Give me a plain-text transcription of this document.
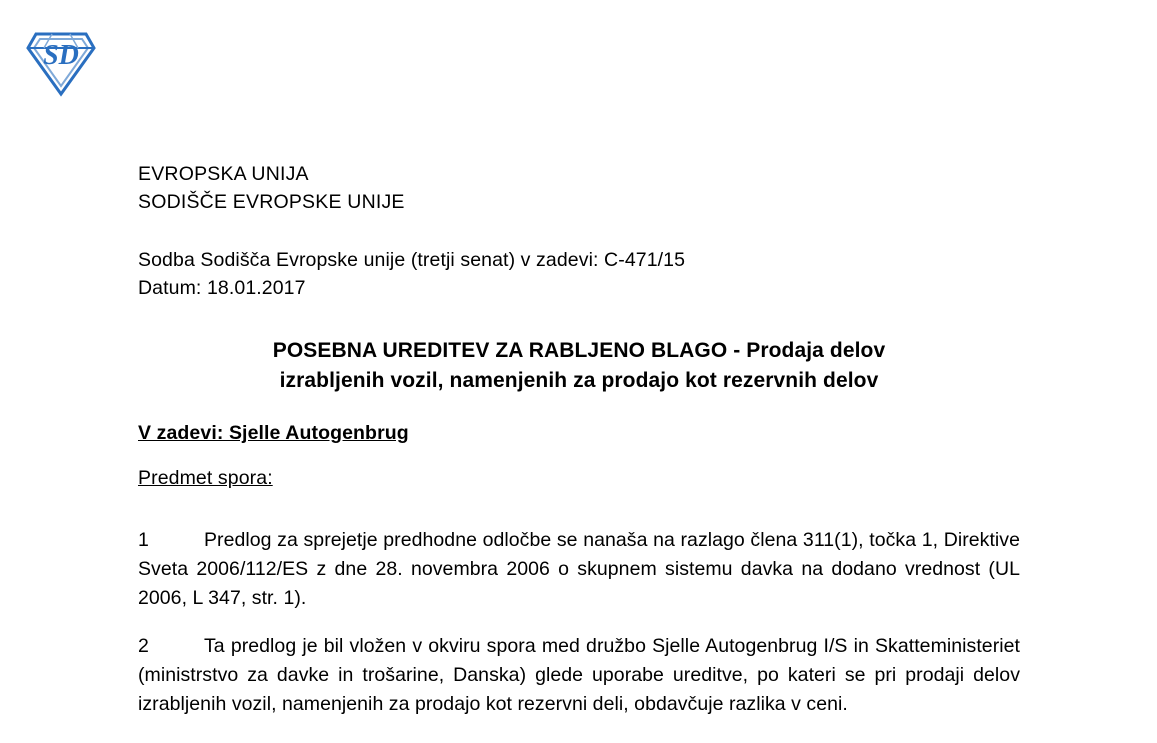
SD
EVROPSKA UNIJA
SODIŠČE EVROPSKE UNIJE
Sodba Sodišča Evropske unije (tretji senat) v zadevi: C-471/15
Datum: 18.01.2017
POSEBNA UREDITEV ZA RABLJENO BLAGO - Prodaja delov
izrabljenih vozil, namenjenih za prodajo kot rezervnih delov
V zadevi: Sjelle Autogenbrug
Predmet spora:

1	Predlog za sprejetje predhodne odločbe se nanaša na razlago člena 311(1), točka 1, Direktive Sveta 2006/112/ES z dne 28. novembra 2006 o skupnem sistemu davka na dodano vrednost (UL 2006, L 347, str. 1).

2	Ta predlog je bil vložen v okviru spora med družbo Sjelle Autogenbrug I/S in Skatteministeriet (ministrstvo za davke in trošarine, Danska) glede uporabe ureditve, po kateri se pri prodaji delov izrabljenih vozil, namenjenih za prodajo kot rezervni deli, obdavčuje razlika v ceni.
